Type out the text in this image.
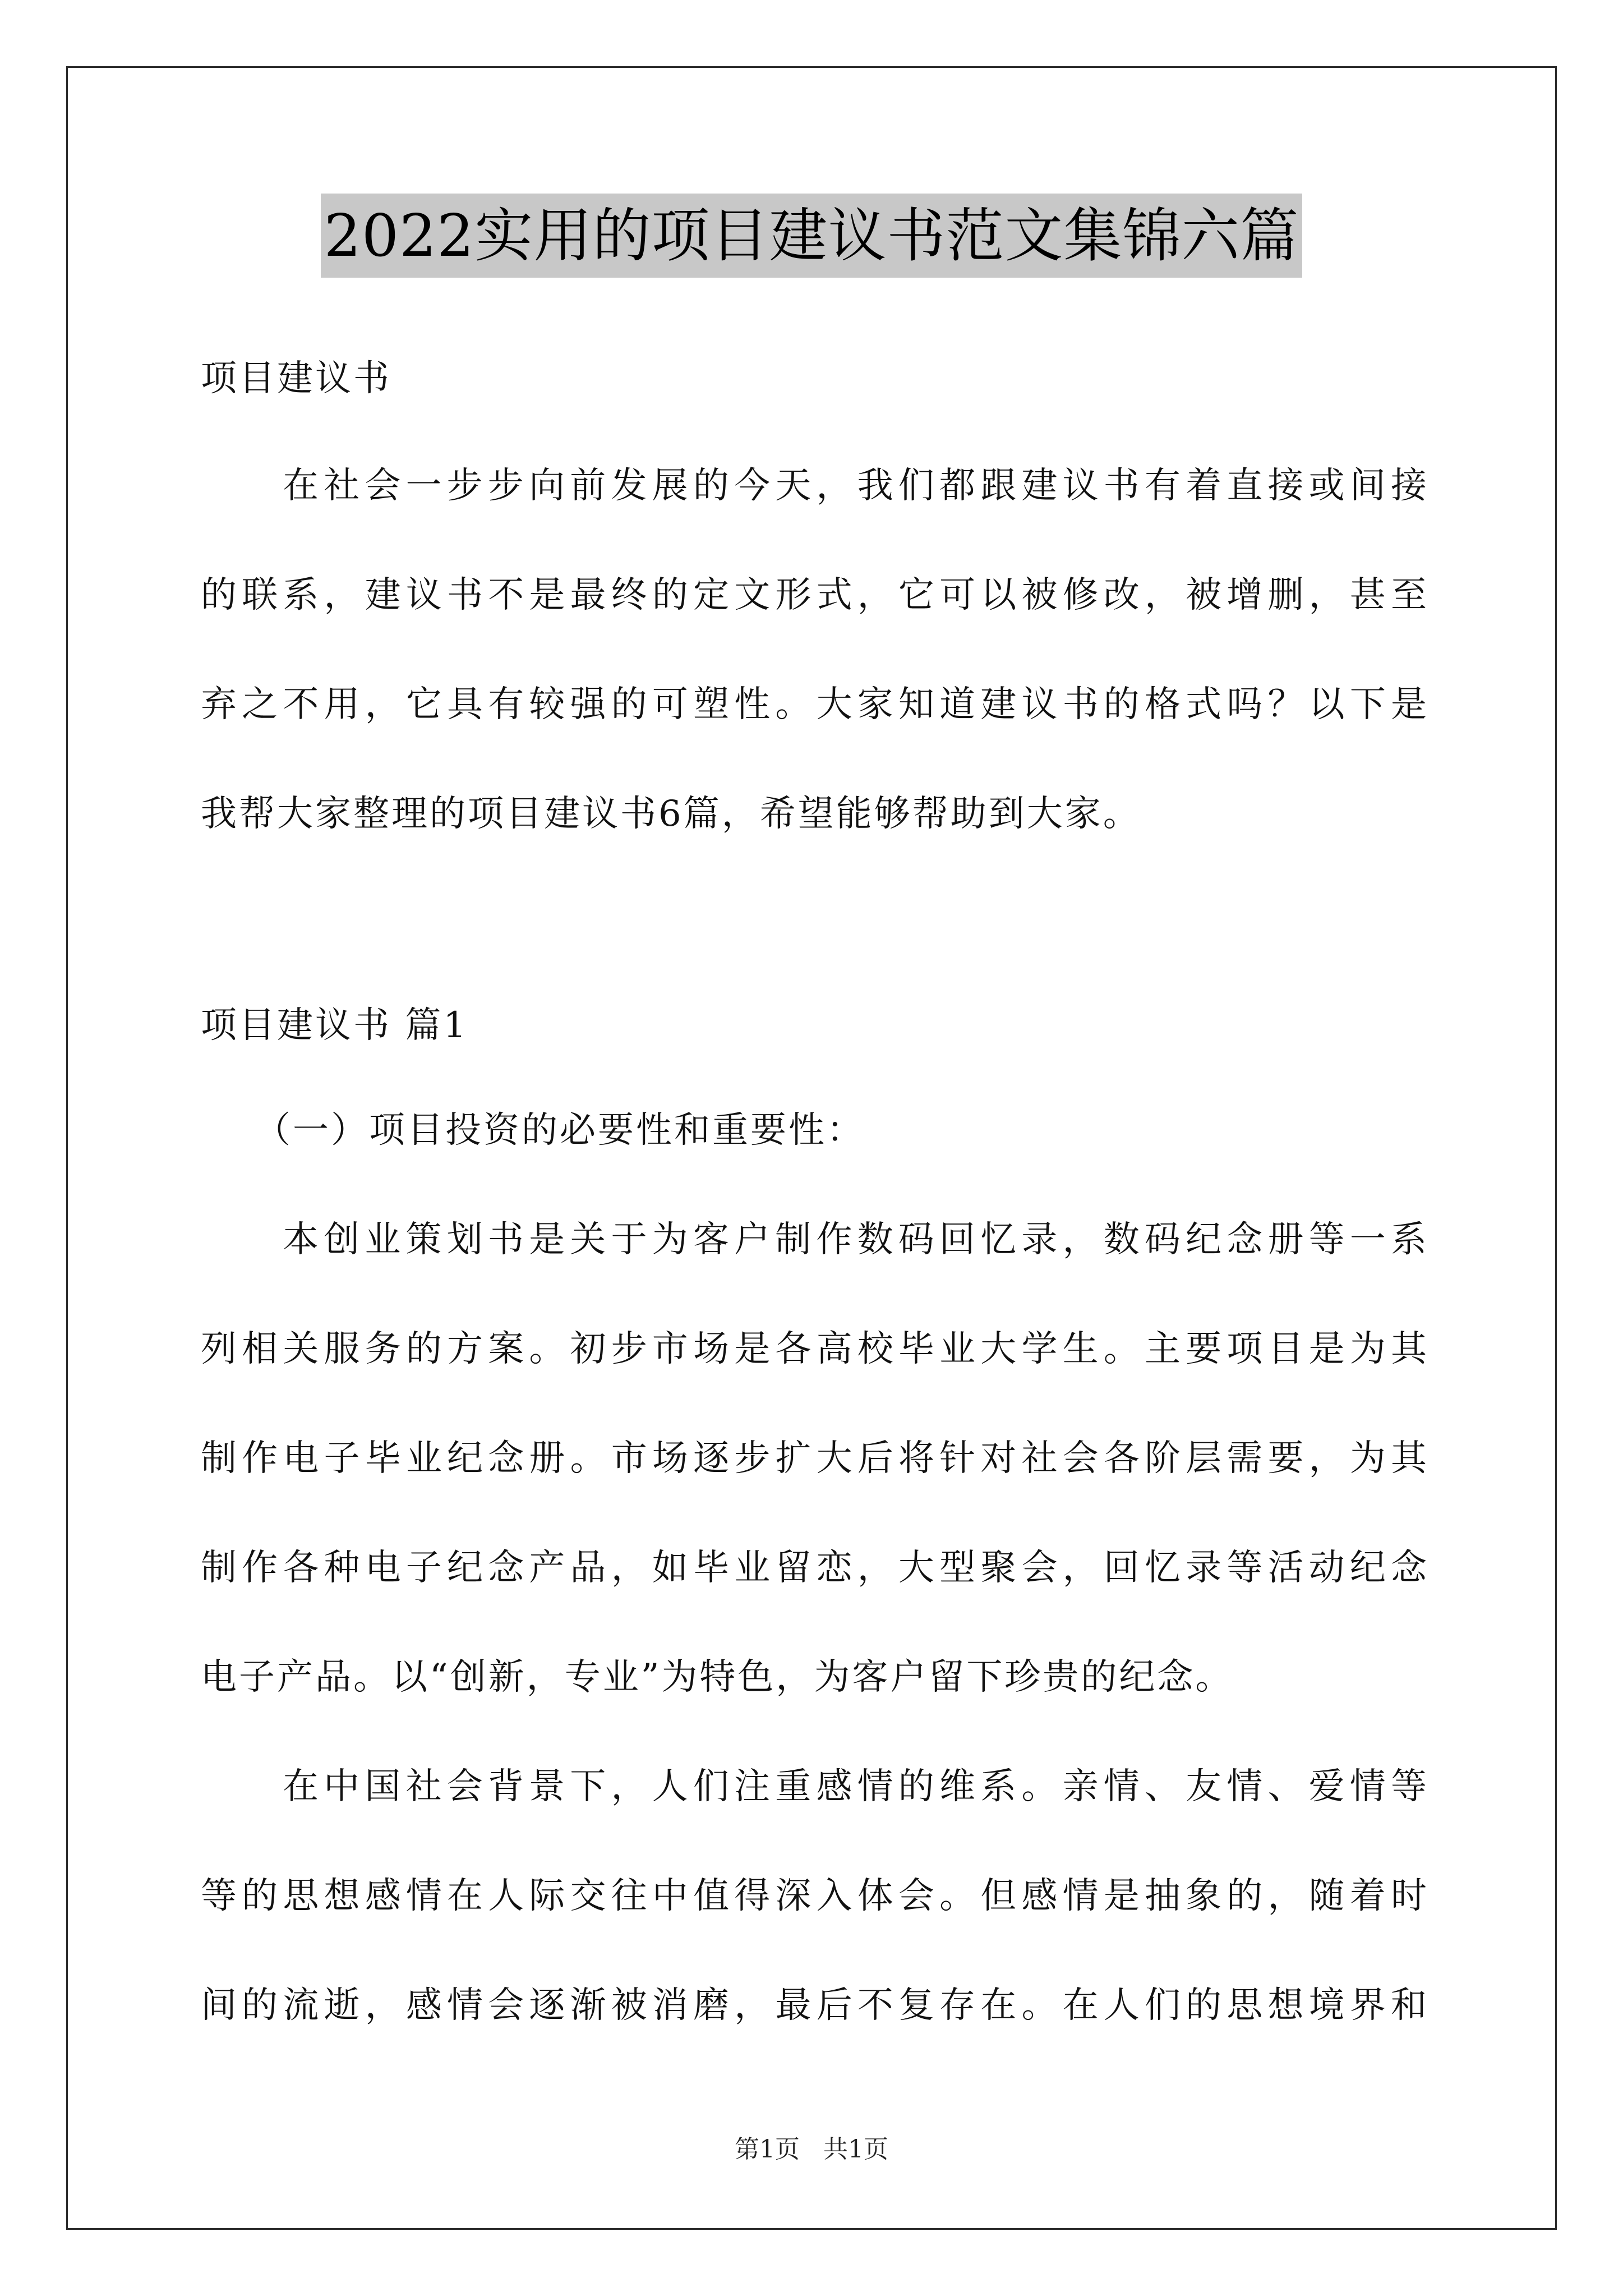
2022实用的项目建议书范文集锦六篇
项目建议书
在社会一步步向前发展的今天，我们都跟建议书有着直接或间接
的联系，建议书不是最终的定文形式，它可以被修改，被增删，甚至
弃之不用，它具有较强的可塑性。大家知道建议书的格式吗？以下是
我帮大家整理的项目建议书6篇，希望能够帮助到大家。
项目建议书 篇1
（一）项目投资的必要性和重要性：
本创业策划书是关于为客户制作数码回忆录，数码纪念册等一系
列相关服务的方案。初步市场是各高校毕业大学生。主要项目是为其
制作电子毕业纪念册。市场逐步扩大后将针对社会各阶层需要，为其
制作各种电子纪念产品，如毕业留恋，大型聚会，回忆录等活动纪念
电子产品。以“创新，专业”为特色，为客户留下珍贵的纪念。
在中国社会背景下，人们注重感情的维系。亲情、友情、爱情等
等的思想感情在人际交往中值得深入体会。但感情是抽象的，随着时
间的流逝，感情会逐渐被消磨，最后不复存在。在人们的思想境界和
第1页 共1页
